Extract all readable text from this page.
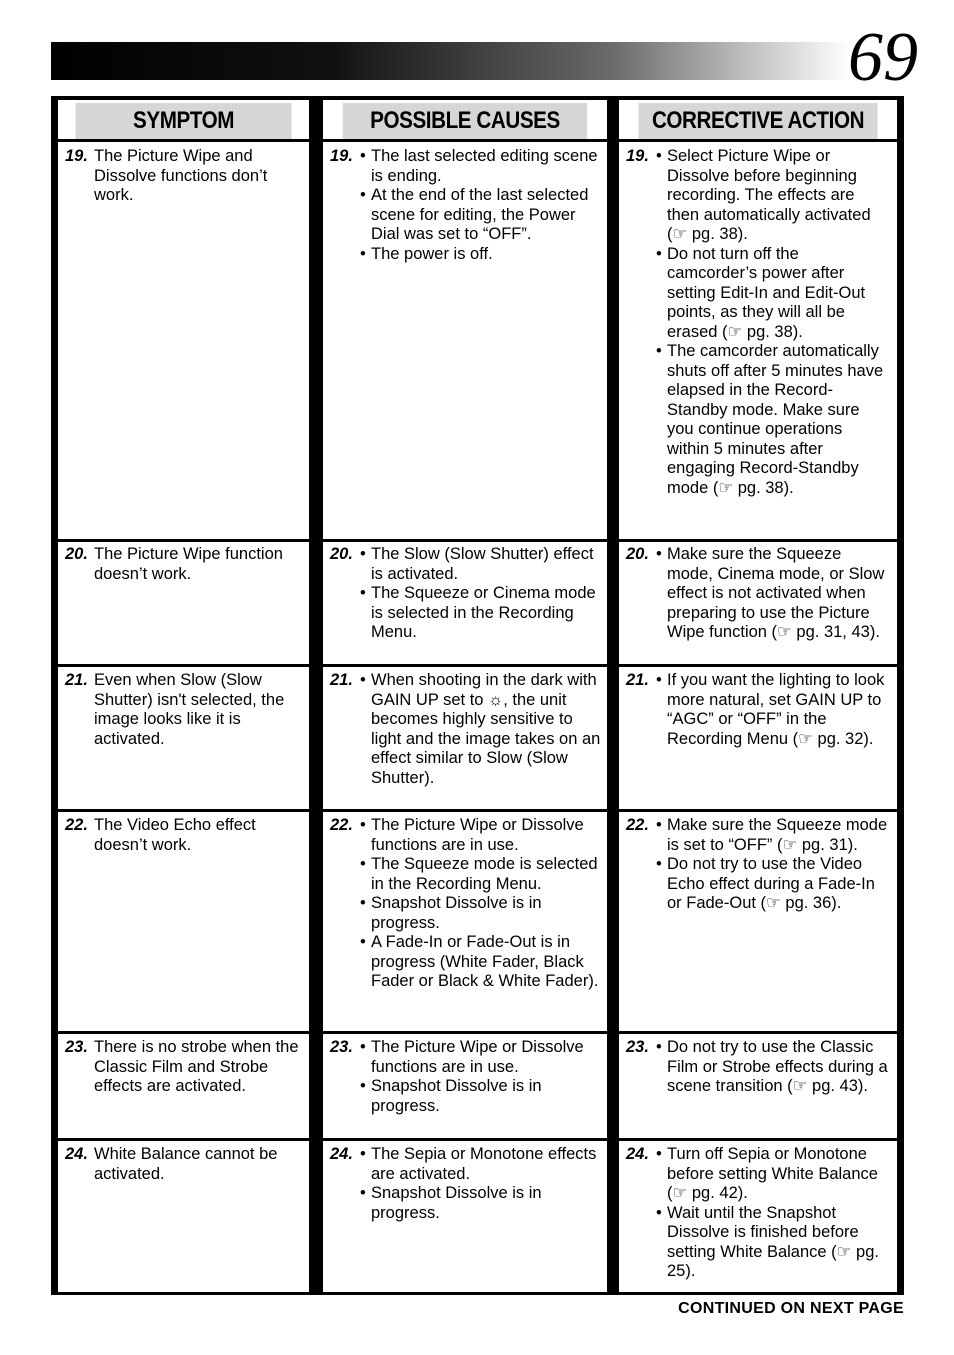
69
SYMPTOM	POSSIBLE CAUSES	CORRECTIVE ACTION
19. The Picture Wipe and Dissolve functions don’t work.
19.	• The last selected editing scene is ending.
• At the end of the last selected scene for editing, the Power Dial was set to “OFF”.
• The power is off.
19.	• Select Picture Wipe or Dissolve before beginning recording. The effects are then automatically activated (☞ pg. 38).
• Do not turn off the camcorder’s power after setting Edit-In and Edit-Out points, as they will all be erased (☞ pg. 38).
• The camcorder automatically shuts off after 5 minutes have elapsed in the Record-Standby mode. Make sure you continue operations within 5 minutes after engaging Record-Standby mode (☞ pg. 38).
20. The Picture Wipe function doesn’t work.
20.	• The Slow (Slow Shutter) effect is activated.
• The Squeeze or Cinema mode is selected in the Recording Menu.
20.	• Make sure the Squeeze mode, Cinema mode, or Slow effect is not activated when preparing to use the Picture Wipe function (☞ pg. 31, 43).
21. Even when Slow (Slow Shutter) isn't selected, the image looks like it is activated.
21.	• When shooting in the dark with GAIN UP set to ☼, the unit becomes highly sensitive to light and the image takes on an effect similar to Slow (Slow Shutter).
21.	• If you want the lighting to look more natural, set GAIN UP to “AGC” or “OFF” in the Recording Menu (☞ pg. 32).
22. The Video Echo effect doesn’t work.
22.	• The Picture Wipe or Dissolve functions are in use.
• The Squeeze mode is selected in the Recording Menu.
• Snapshot Dissolve is in progress.
• A Fade-In or Fade-Out is in progress (White Fader, Black Fader or Black & White Fader).
22.	• Make sure the Squeeze mode is set to “OFF” (☞ pg. 31).
• Do not try to use the Video Echo effect during a Fade-In or Fade-Out (☞ pg. 36).
23. There is no strobe when the Classic Film and Strobe effects are activated.
23.	• The Picture Wipe or Dissolve functions are in use.
• Snapshot Dissolve is in progress.
23.	• Do not try to use the Classic Film or Strobe effects during a scene transition (☞ pg. 43).
24. White Balance cannot be activated.
24.	• The Sepia or Monotone effects are activated.
• Snapshot Dissolve is in progress.
24.	• Turn off Sepia or Monotone before setting White Balance (☞ pg. 42).
• Wait until the Snapshot Dissolve is finished before setting White Balance (☞ pg. 25).
CONTINUED ON NEXT PAGE
